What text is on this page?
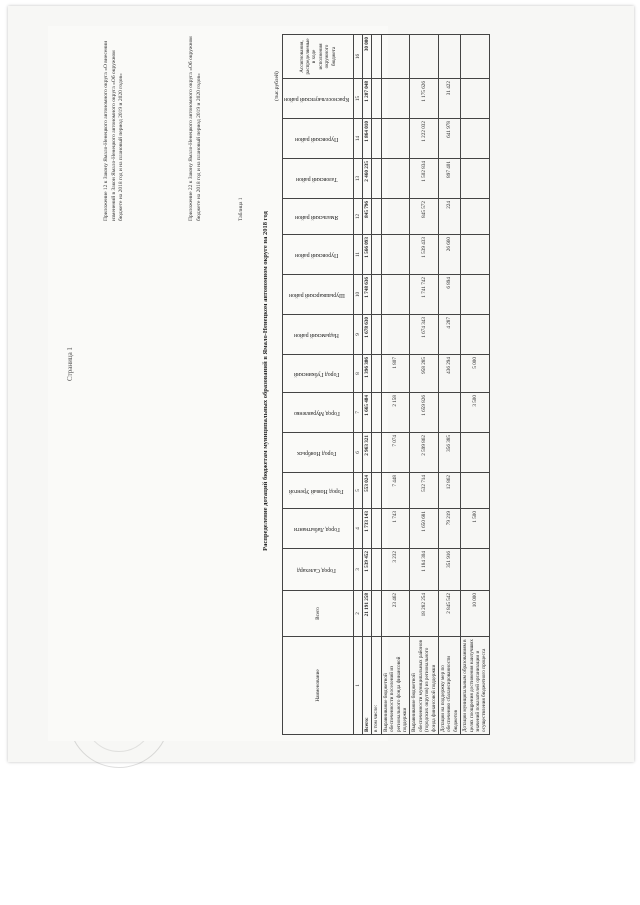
Страница 1
Приложение 12 к Закону Ямало-Ненецкого автономного округа «О внесении изменений в Закон Ямало-Ненецкого автономного округа «Об окружном бюджете на 2018 год и на плановый период 2019 и 2020 годов»	Приложение 22 к Закону Ямало-Ненецкого автономного округа «Об окружном бюджете на 2018 год и на плановый период 2019 и 2020 годов»	Таблица 1
Распределение дотаций бюджетам муниципальных образований в Ямало-Ненецком автономном округе на 2018 год
(тыс.рублей)
Наименование	Всего	Город Салехард	Город Лабытнанги	Город Новый Уренгой	Город Ноябрьск	Город Муравленко	Город Губкинский	Надымский район	Шурышкарский район	Пуровский район	Ямальский район	Тазовский район	Пуровский район	Красноселькупский район	Ассигнования, распределяемые в ходе исполнения окружного бюджета
1	2	3	4	5	6	7	8	9	10	11	12	13	14	15	16
Всего:	21 191 258	1 539 452	1 733 143	553 024	2 963 321	1 665 484	1 396 386	1 678 630	1 748 636	1 566 093	845 796	2 460 235	1 864 010	1 207 048	30 000
в том числе:															
Выравнивание бюджетной обеспеченности поселений из регионального фонда финансовой поддержки	23 462	3 232	1 743	7 448	7 074	2 158	1 807								
Выравнивание бюджетной обеспеченности муниципальных районов (городских округов) из регионального фонда финансовой поддержки	18 282 254	1 184 304	1 650 681	532 714	2 599 862	1 659 826	958 285	1 674 343	1 741 742	1 539 433	845 572	1 502 834	1 222 032	1 175 626	
Дотации на поддержку мер по обеспечению сбалансированности бюджетов	2 845 542	351 916	79 219	12 862	356 385		436 294	4 287	6 894	26 660	224	897 401	641 978	31 422	
Дотации муниципальным образованиям в целях поощрения достижения наилучших значений показателей организации и осуществления бюджетного процесса	10 000		1 500			3 500	5 000								
